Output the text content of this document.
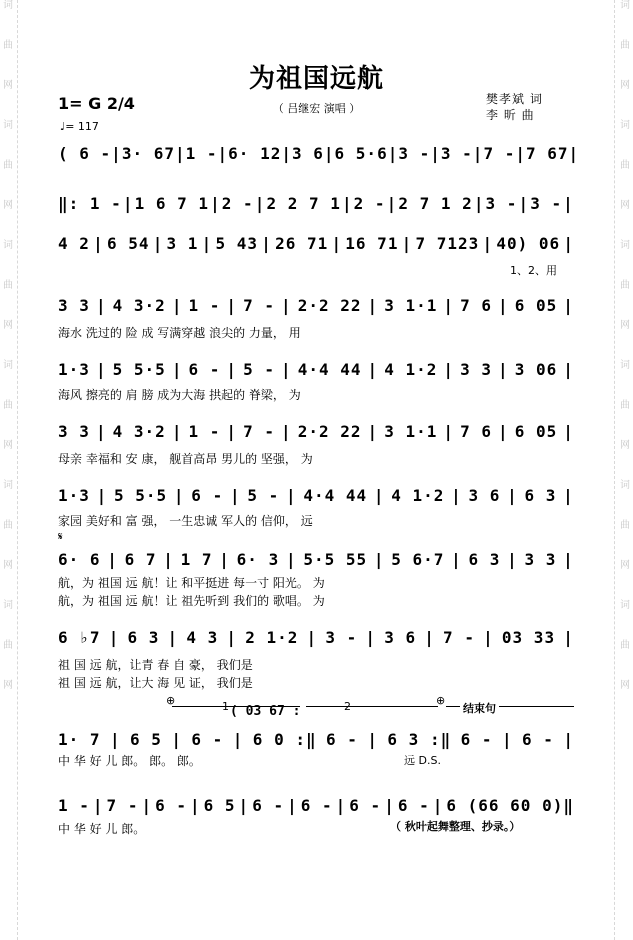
词
曲
网
词
曲
网
词
曲
网
词
曲
网
词
曲
网
词
曲
网
词
曲
网
词
曲
网
词
曲
网
词
曲
网
词
曲
网
词
曲
网
为祖国远航
（ 吕继宏 演唱 ）
1= G 2/4
♩= 117
樊孝斌 词
李 昕 曲
( 6 - | 3· 67 | 1 - | 6· 12 | 3 6 | 6 5·6 | 3 - | 3 - | 7 - | 7 67 |
‖: 1 - | 1 6 7 1 | 2 - | 2 2 7 1 | 2 - | 2 7 1 2 | 3 - | 3 - |
4 2 | 6 54 | 3 1 | 5 43 | 26 71 | 16 71 | 7 7123 | 40) 06 |
1、2、用
3 3 | 4 3·2 | 1 - | 7 - | 2·2 22 | 3 1·1 | 7 6 | 6 05 |
海水 洗过的 险 成 写满穿越 浪尖的 力量， 用
1·3 | 5 5·5 | 6 - | 5 - | 4·4 44 | 4 1·2 | 3 3 | 3 06 |
海风 擦亮的 肩 膀 成为大海 拱起的 脊梁， 为
3 3 | 4 3·2 | 1 - | 7 - | 2·2 22 | 3 1·1 | 7 6 | 6 05 |
母亲 幸福和 安 康， 舰首高昂 男儿的 坚强， 为
1·3 | 5 5·5 | 6 - | 5 - | 4·4 44 | 4 1·2 | 3 6 | 6 3 |
家园 美好和 富 强， 一生忠诚 军人的 信仰， 远
𝄋
6· 6 | 6 7 | 1 7 | 6· 3 | 5·5 55 | 5 6·7 | 6 3 | 3 3 |
航，为 祖国 远 航！让 和平挺进 每一寸 阳光。 为
航，为 祖国 远 航！让 祖先听到 我们的 歌唱。 为
6 ♭7 | 6 3 | 4 3 | 2 1·2 | 3 - | 3 6 | 7 - | 03 33 |
祖 国 远 航，让青 春 自 豪， 我们是
祖 国 远 航，让大 海 见 证， 我们是
⊕	1 ( 03 67 :	2	⊕
结束句
1· 7 | 6 5 | 6 - | 6 0 :‖ 6 - | 6 3 :‖ 6 - | 6 - |
中 华 好 儿 郎。 郎。 郎。	远 D.S.
1 - | 7 - | 6 - | 6 5 | 6 - | 6 - | 6 - | 6 - | 6 (66 60 0)‖
中 华 好 儿 郎。	（ 秋叶起舞整理、抄录。）
